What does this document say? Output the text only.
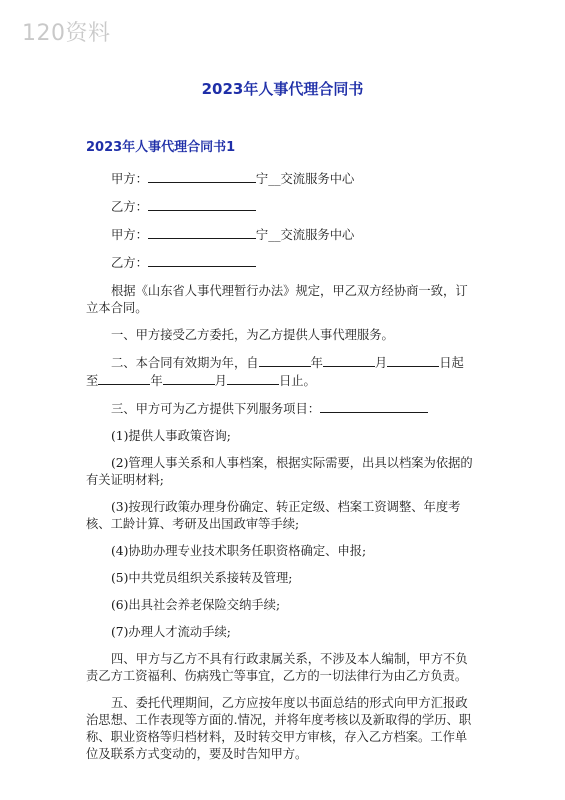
120资料
2023年人事代理合同书
2023年人事代理合同书1

甲方：	宁__交流服务中心

乙方：

甲方：	宁__交流服务中心

乙方：

根据《山东省人事代理暂行办法》规定，甲乙双方经协商一致，订立本合同。

一、甲方接受乙方委托，为乙方提供人事代理服务。

二、本合同有效期为年，自	年	月	日起至	年	月	日止。

三、甲方可为乙方提供下列服务项目：

(1)提供人事政策咨询;

(2)管理人事关系和人事档案，根据实际需要，出具以档案为依据的有关证明材料;

(3)按现行政策办理身份确定、转正定级、档案工资调整、年度考核、工龄计算、考研及出国政审等手续;

(4)协助办理专业技术职务任职资格确定、申报;

(5)中共党员组织关系接转及管理;

(6)出具社会养老保险交纳手续;

(7)办理人才流动手续;

四、甲方与乙方不具有行政隶属关系，不涉及本人编制，甲方不负责乙方工资福利、伤病残亡等事宜，乙方的一切法律行为由乙方负责。

五、委托代理期间，乙方应按年度以书面总结的形式向甲方汇报政治思想、工作表现等方面的.情况，并将年度考核以及新取得的学历、职称、职业资格等归档材料，及时转交甲方审核，存入乙方档案。工作单位及联系方式变动的，要及时告知甲方。
